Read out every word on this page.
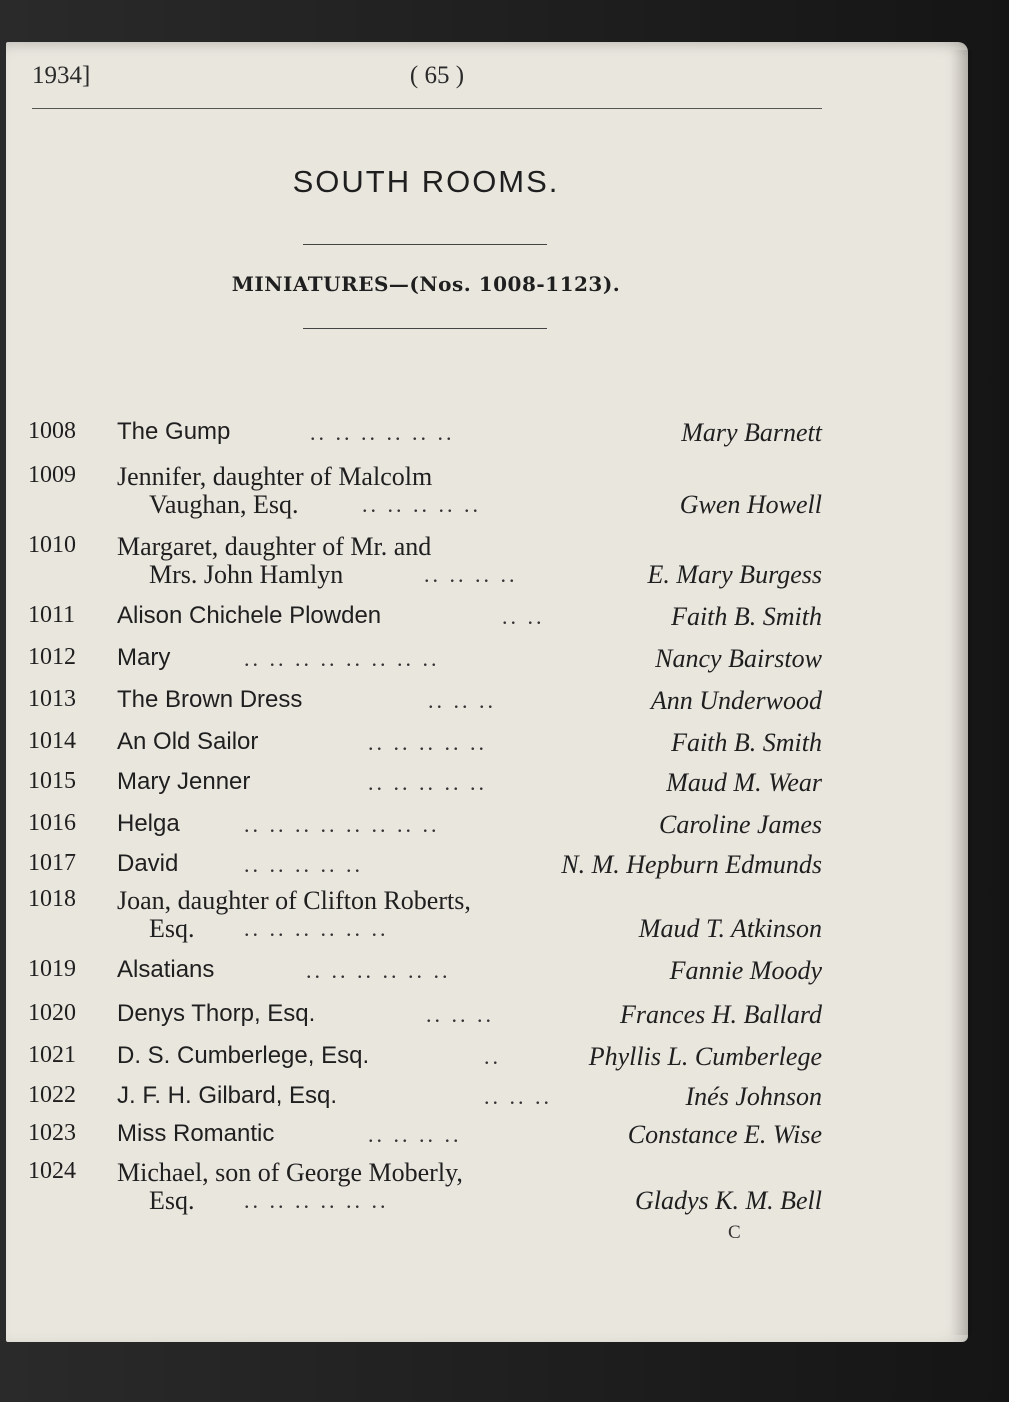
1934]	( 65 )
SOUTH ROOMS.
MINIATURES—(Nos. 1008-1123).
1008 The Gump	.. .. .. .. .. ..	Mary Barnett
1009 Jennifer, daughter of Malcolm
Vaughan, Esq.	.. .. .. .. ..	Gwen Howell
1010 Margaret, daughter of Mr. and
Mrs. John Hamlyn	.. .. .. ..	E. Mary Burgess
1011 Alison Chichele Plowden	.. ..	Faith B. Smith
1012 Mary	.. .. .. .. .. .. .. ..	Nancy Bairstow
1013 The Brown Dress	.. .. ..	Ann Underwood
1014 An Old Sailor	.. .. .. .. ..	Faith B. Smith
1015 Mary Jenner	.. .. .. .. ..	Maud M. Wear
1016 Helga	.. .. .. .. .. .. .. ..	Caroline James
1017 David	.. .. .. .. ..	N. M. Hepburn Edmunds
1018 Joan, daughter of Clifton Roberts,
Esq. .. .. .. .. .. ..	Maud T. Atkinson
1019 Alsatians	.. .. .. .. .. ..	Fannie Moody
1020 Denys Thorp, Esq.	.. .. ..	Frances H. Ballard
1021 D. S. Cumberlege, Esq.	..	Phyllis L. Cumberlege
1022 J. F. H. Gilbard, Esq.	.. .. ..	Inés Johnson
1023 Miss Romantic	.. .. .. ..	Constance E. Wise
1024 Michael, son of George Moberly,
Esq. .. .. .. .. .. ..	Gladys K. M. Bell
C
